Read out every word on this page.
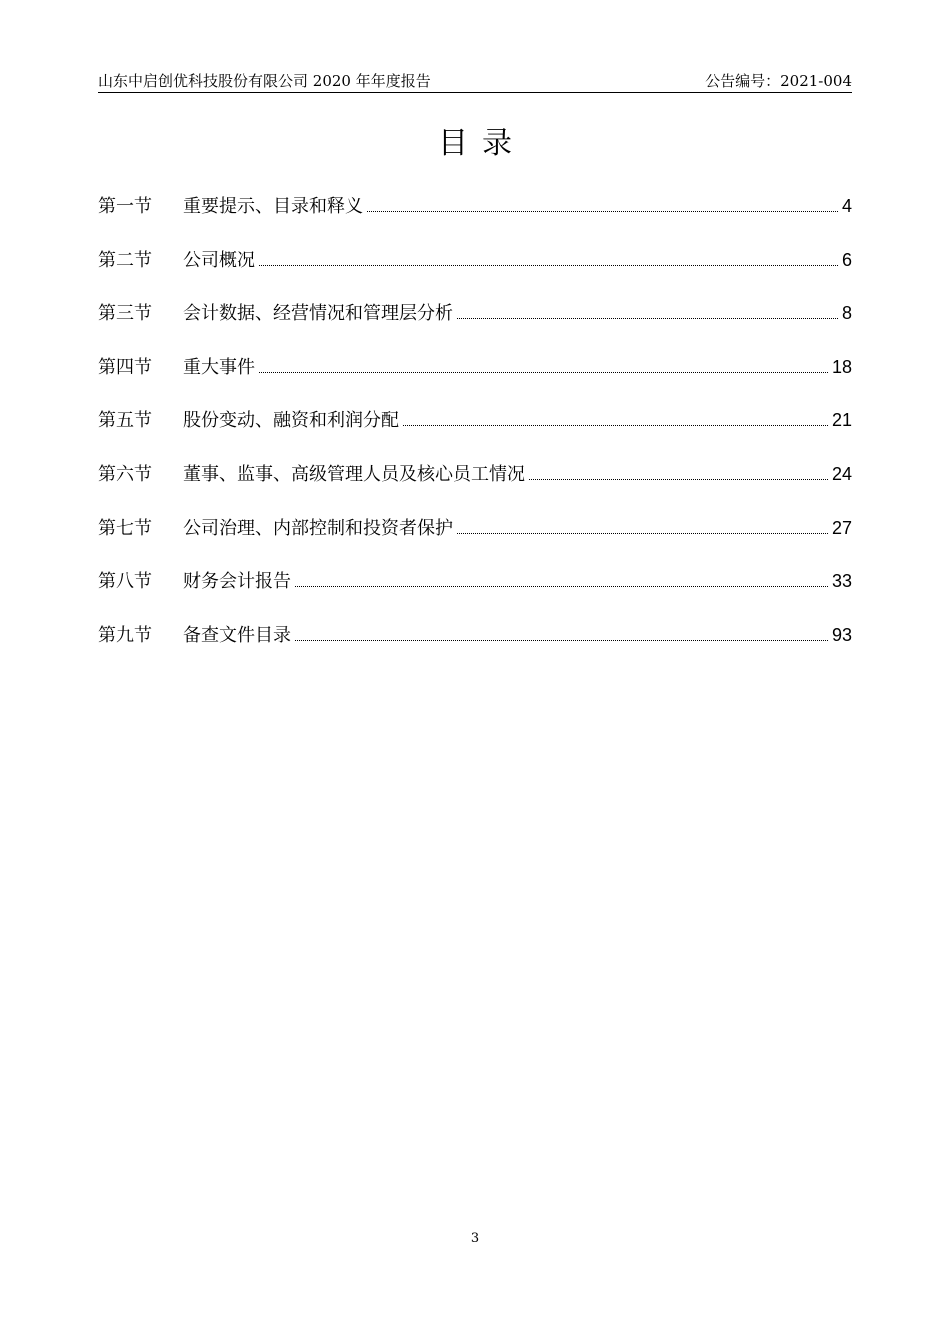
山东中启创优科技股份有限公司 2020 年年度报告	公告编号：2021-004
目录
第一节	重要提示、目录和释义	4
第二节	公司概况	6
第三节	会计数据、经营情况和管理层分析	8
第四节	重大事件	18
第五节	股份变动、融资和利润分配	21
第六节	董事、监事、高级管理人员及核心员工情况	24
第七节	公司治理、内部控制和投资者保护	27
第八节	财务会计报告	33
第九节	备查文件目录	93
3
